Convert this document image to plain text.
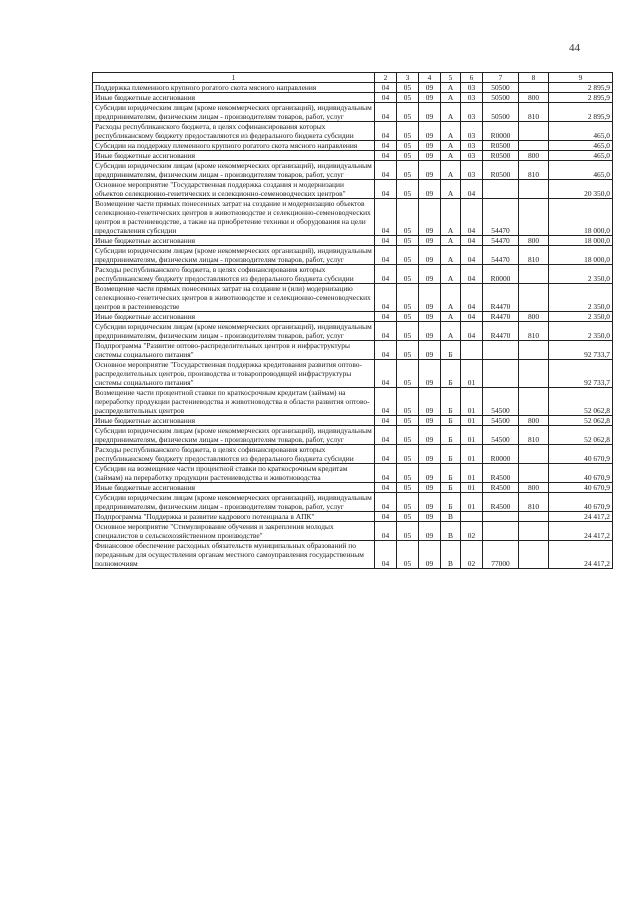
44
1	2	3	4	5	6	7	8	9
Поддержка племенного крупного рогатого скота мясного направления	04	05	09	А	03	50500		2 895,9
Иные бюджетные ассигнования	04	05	09	А	03	50500	800	2 895,9
Субсидии юридическим лицам (кроме некоммерческих организаций), индивидуальным предпринимателям, физическим лицам - производителям товаров, работ, услуг	04	05	09	А	03	50500	810	2 895,9
Расходы республиканского бюджета, в целях софинансирования которых республиканскому бюджету предоставляются из федерального бюджета субсидии	04	05	09	А	03	R0000		465,0
Субсидии на поддержку племенного крупного рогатого скота мясного направления	04	05	09	А	03	R0500		465,0
Иные бюджетные ассигнования	04	05	09	А	03	R0500	800	465,0
Субсидии юридическим лицам (кроме некоммерческих организаций), индивидуальным предпринимателям, физическим лицам - производителям товаров, работ, услуг	04	05	09	А	03	R0500	810	465,0
Основное мероприятие "Государственная поддержка создания и модернизации объектов селекционно-генетических и селекционно-семеноводческих центров"	04	05	09	А	04			20 350,0
Возмещение части прямых понесенных затрат на создание и модернизацию объектов селекционно-генетических центров в животноводстве и селекционно-семеноводческих центров в растениеводстве, а также на приобретение техники и оборудования на цели предоставления субсидии	04	05	09	А	04	54470		18 000,0
Иные бюджетные ассигнования	04	05	09	А	04	54470	800	18 000,0
Субсидии юридическим лицам (кроме некоммерческих организаций), индивидуальным предпринимателям, физическим лицам - производителям товаров, работ, услуг	04	05	09	А	04	54470	810	18 000,0
Расходы республиканского бюджета, в целях софинансирования которых республиканскому бюджету предоставляются из федерального бюджета субсидии	04	05	09	А	04	R0000		2 350,0
Возмещение части прямых понесенных затрат на создание и (или) модернизацию селекционно-генетических центров в животноводстве и селекционно-семеноводческих центров в растениеводстве	04	05	09	А	04	R4470		2 350,0
Иные бюджетные ассигнования	04	05	09	А	04	R4470	800	2 350,0
Субсидии юридическим лицам (кроме некоммерческих организаций), индивидуальным предпринимателям, физическим лицам - производителям товаров, работ, услуг	04	05	09	А	04	R4470	810	2 350,0
Подпрограмма "Развитие оптово-распределительных центров и инфраструктуры системы социального питания"	04	05	09	Б				92 733,7
Основное мероприятие "Государственная поддержка кредитования развития оптово- распределительных центров, производства и товаропроводящей инфраструктуры системы социального питания"	04	05	09	Б	01			92 733,7
Возмещение части процентной ставки по краткосрочным кредитам (займам) на переработку продукции растениеводства и животноводства в области развития оптово-распределительных центров	04	05	09	Б	01	54500		52 062,8
Иные бюджетные ассигнования	04	05	09	Б	01	54500	800	52 062,8
Субсидии юридическим лицам (кроме некоммерческих организаций), индивидуальным предпринимателям, физическим лицам - производителям товаров, работ, услуг	04	05	09	Б	01	54500	810	52 062,8
Расходы республиканского бюджета, в целях софинансирования которых республиканскому бюджету предоставляются из федерального бюджета субсидии	04	05	09	Б	01	R0000		40 670,9
Субсидии на возмещение части процентной ставки по краткосрочным кредитам (займам) на переработку продукции растениеводства и животноводства	04	05	09	Б	01	R4500		40 670,9
Иные бюджетные ассигнования	04	05	09	Б	01	R4500	800	40 670,9
Субсидии юридическим лицам (кроме некоммерческих организаций), индивидуальным предпринимателям, физическим лицам - производителям товаров, работ, услуг	04	05	09	Б	01	R4500	810	40 670,9
Подпрограмма "Поддержка и развитие кадрового потенциала в АПК"	04	05	09	В				24 417,2
Основное мероприятие "Стимулирование обучения и закрепления молодых специалистов в сельскохозяйственном производстве"	04	05	09	В	02			24 417,2
Финансовое обеспечение расходных обязательств муниципальных образований по переданным для осуществления органам местного самоуправления государственным полномочиям	04	05	09	В	02	77000		24 417,2
